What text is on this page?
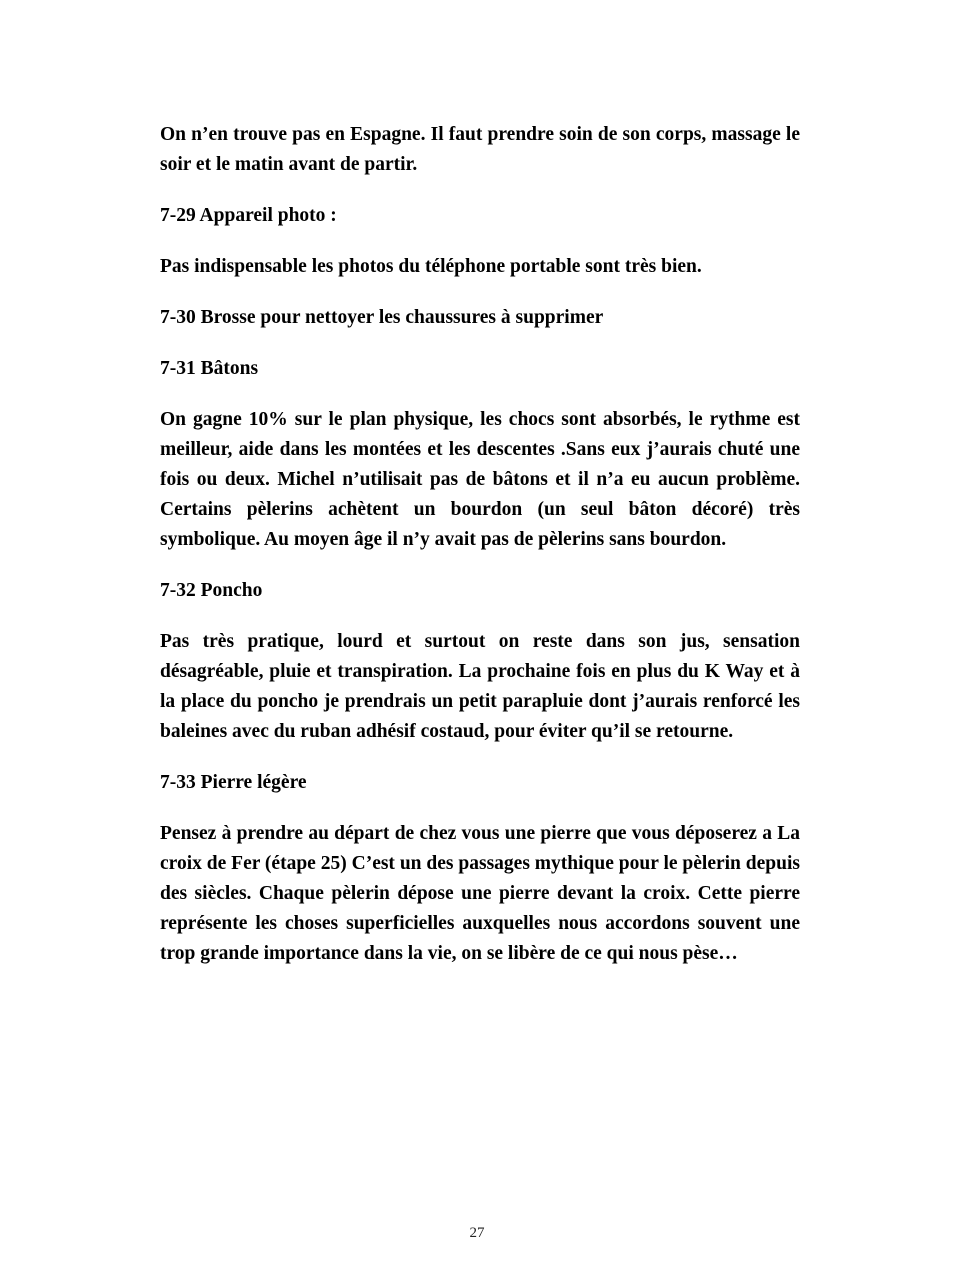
On n’en trouve pas en Espagne. Il faut prendre soin de son corps, massage le soir et le matin avant de partir.

7-29 Appareil photo :

Pas indispensable les photos du téléphone portable sont très bien.

7-30 Brosse pour nettoyer les chaussures à supprimer

7-31 Bâtons

On gagne 10% sur le plan physique, les chocs sont absorbés, le rythme est meilleur, aide dans les montées et les descentes .Sans eux j’aurais chuté une fois ou deux. Michel n’utilisait pas de bâtons et il n’a eu aucun problème. Certains pèlerins achètent un bourdon (un seul bâton décoré) très symbolique. Au moyen âge il n’y avait pas de pèlerins sans bourdon.

7-32 Poncho

Pas très pratique, lourd et surtout on reste dans son jus, sensation désagréable, pluie et transpiration. La prochaine fois en plus du K Way et à la place du poncho je prendrais un petit parapluie dont j’aurais renforcé les baleines avec du ruban adhésif costaud, pour éviter qu’il se retourne.

7-33 Pierre légère

Pensez à prendre au départ de chez vous une pierre que vous déposerez a La croix de Fer (étape 25) C’est un des passages mythique pour le pèlerin depuis des siècles. Chaque pèlerin dépose une pierre devant la croix. Cette pierre représente les choses superficielles auxquelles nous accordons souvent une trop grande importance dans la vie, on se libère de ce qui nous pèse…

27
